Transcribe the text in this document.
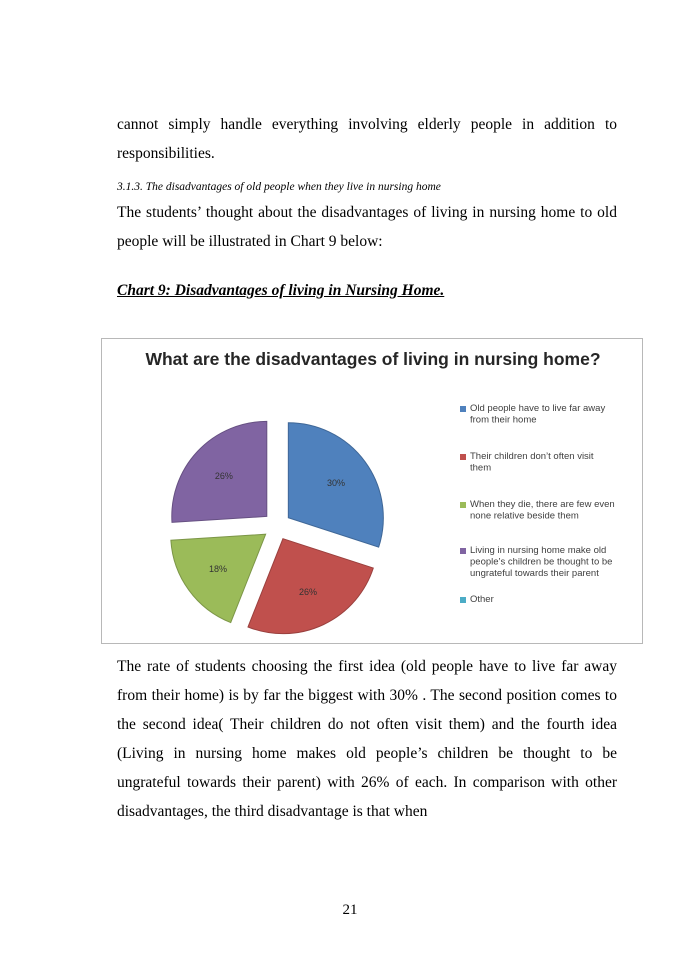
cannot simply handle everything involving elderly people in addition to responsibilities.

3.1.3. The disadvantages of old people when they live in nursing home

The students’ thought about the disadvantages of living in nursing home to old people will be illustrated in Chart 9 below:

Chart 9: Disadvantages of living in Nursing Home.

What are the disadvantages of living in nursing home?
30%
26%
18%
26%
Old people have to live far away from their home
Their children don’t often visit them
When they die, there are few even none relative beside them
Living in nursing home make old people’s children be thought to be ungrateful towards their parent
Other

The rate of students choosing the first idea (old people have to live far away from their home) is by far the biggest with 30% . The second position comes to the second idea( Their children do not often visit them) and the fourth idea (Living in nursing home makes old people’s children be thought to be ungrateful towards their parent) with 26% of each. In comparison with other disadvantages, the third disadvantage is that when

21
